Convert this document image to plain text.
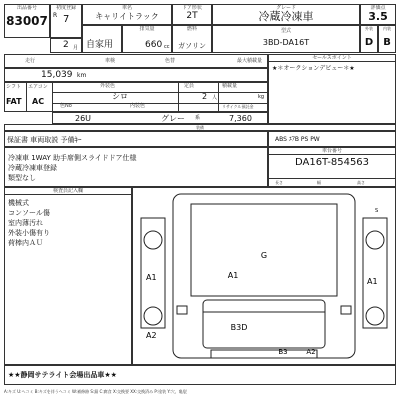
出品番号
83007
初度登録
R 7
車名
キャリイトラック
ドア形状
2T
グレード
冷蔵冷凍車
評価点
3.5
2 月 自家用
排気量
660 cc
燃料
ガソリン
型式
3BD-DA16T
外装
D
内装
B
走行	車検	色替	最大積載量
15,039 km
シフト エアコン
FAT AC
外装色
シロ
色No	内装色
定員
2 人
積載量
kg
リサイクル預託金
26U	グレー 系	7,360
セールスポイント
★＊オークションデビュー＊★
装備
保証書 車両取説 予備ｷｰ	ABS ｴｱB PS PW
冷凍車 1WAY 助手席側スライドドア仕様
冷蔵冷凍車登録
類型なし
車台番号
DA16T-854563
長さ	幅	高さ
検査員記入欄
機械式
コンソール傷
室内薄汚れ
外装小傷有り
荷棒内ＡＵ
G
A1
A1	A1
B3D
B3	A2
A2
S
★★静岡サテライト会場出品車★★
A:キズ U:へコミ B:キズを伴うへコミ W:補修跡 S:錆 C:腐食 X:交換要 XX:交換済み P:塗装 Y:穴、亀裂
